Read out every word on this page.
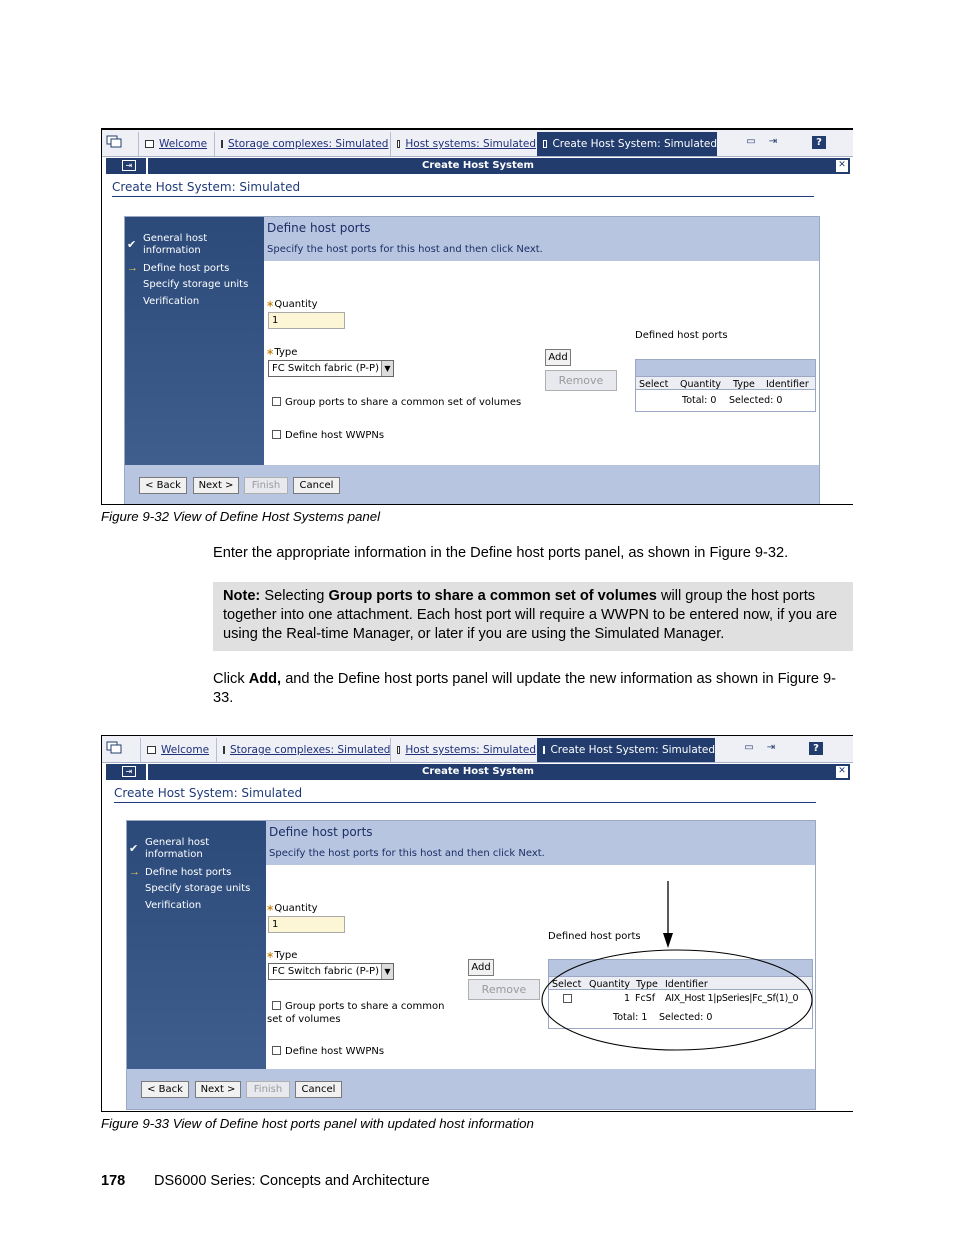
Welcome Storage complexes: Simulated Host systems: Simulated Create Host System: Simulated	▭ ⇥	?
⇥	Create Host System	✕
Create Host System: Simulated
✔
General host information
→ Define host ports
Specify storage units
Verification
Define host ports
Specify the host ports for this host and then click Next.
∗Quantity
1
∗Type
FC Switch fabric (P-P) ▼
Group ports to share a common set of volumes
Define host WWPNs
Add
Remove
Defined host ports
Select Quantity Type Identifier
Total: 0 Selected: 0
< Back	Next >	Finish	Cancel
Figure 9-32 View of Define Host Systems panel
Enter the appropriate information in the Define host ports panel, as shown in Figure 9-32.
Note: Selecting Group ports to share a common set of volumes will group the host ports together into one attachment. Each host port will require a WWPN to be entered now, if you are using the Real-time Manager, or later if you are using the Simulated Manager.
Click Add, and the Define host ports panel will update the new information as shown in Figure 9-33.
Welcome Storage complexes: Simulated Host systems: Simulated Create Host System: Simulated	▭ ⇥	?
⇥	Create Host System	✕
Create Host System: Simulated
✔
General host information
→ Define host ports
Specify storage units
Verification
Define host ports
Specify the host ports for this host and then click Next.
∗Quantity
1
∗Type
FC Switch fabric (P-P) ▼
Group ports to share a common set of volumes
Define host WWPNs
Add
Remove
Defined host ports
Select Quantity Type Identifier
1 FcSf AIX_Host 1|pSeries|Fc_Sf(1)_0
Total: 1 Selected: 0
< Back	Next >	Finish	Cancel
Figure 9-33 View of Define host ports panel with updated host information
178 DS6000 Series: Concepts and Architecture
